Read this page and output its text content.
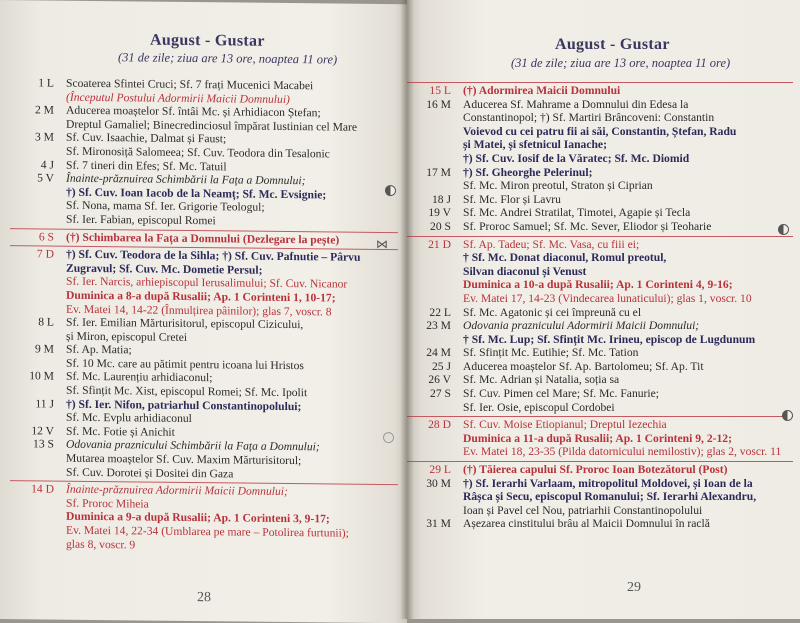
August - Gustar
(31 de zile; ziua are 13 ore, noaptea 11 ore)
1 L	Scoaterea Sfintei Cruci; Sf. 7 frați Mucenici Macabei
(Începutul Postului Adormirii Maicii Domnului)
2 M	Aducerea moaștelor Sf. întâi Mc. și Arhidiacon Ștefan;
Dreptul Gamaliel; Binecredinciosul împărat Iustinian cel Mare
3 M	Sf. Cuv. Isaachie, Dalmat și Faust;
Sf. Mironosiță Salomeea; Sf. Cuv. Teodora din Tesalonic
4 J	Sf. 7 tineri din Efes; Sf. Mc. Tatuil
5 V	Înainte-prăznuirea Schimbării la Fața a Domnului;
†) Sf. Cuv. Ioan Iacob de la Neamț; Sf. Mc. Evsignie;
Sf. Nona, mama Sf. Ier. Grigorie Teologul;
Sf. Ier. Fabian, episcopul Romei
6 S	(†) Schimbarea la Fața a Domnului (Dezlegare la pește)
7 D	†) Sf. Cuv. Teodora de la Sihla; †) Sf. Cuv. Pafnutie – Pârvu
Zugravul; Sf. Cuv. Mc. Dometie Persul;
Sf. Ier. Narcis, arhiepiscopul Ierusalimului; Sf. Cuv. Nicanor
Duminica a 8-a după Rusalii; Ap. 1 Corinteni 1, 10-17;
Ev. Matei 14, 14-22 (Înmulțirea pâinilor); glas 7, voscr. 8
8 L	Sf. Ier. Emilian Mărturisitorul, episcopul Cizicului,
și Miron, episcopul Cretei
9 M	Sf. Ap. Matia;
Sf. 10 Mc. care au pătimit pentru icoana lui Hristos
10 M	Sf. Mc. Laurențiu arhidiaconul;
Sf. Sfințit Mc. Xist, episcopul Romei; Sf. Mc. Ipolit
11 J	†) Sf. Ier. Nifon, patriarhul Constantinopolului;
Sf. Mc. Evplu arhidiaconul
12 V	Sf. Mc. Fotie și Anichit
13 S	Odovania praznicului Schimbării la Fața a Domnului;
Mutarea moaștelor Sf. Cuv. Maxim Mărturisitorul;
Sf. Cuv. Dorotei și Dositei din Gaza
14 D	Înainte-prăznuirea Adormirii Maicii Domnului;
Sf. Proroc Miheia
Duminica a 9-a după Rusalii; Ap. 1 Corinteni 3, 9-17;
Ev. Matei 14, 22-34 (Umblarea pe mare – Potolirea furtunii);
glas 8, voscr. 9
⋈
28
August - Gustar
(31 de zile; ziua are 13 ore, noaptea 11 ore)
15 L	(†) Adormirea Maicii Domnului
16 M	Aducerea Sf. Mahrame a Domnului din Edesa la
Constantinopol; †) Sf. Martiri Brâncoveni: Constantin
Voievod cu cei patru fii ai săi, Constantin, Ștefan, Radu
și Matei, și sfetnicul Ianache;
†) Sf. Cuv. Iosif de la Văratec; Sf. Mc. Diomid
17 M	†) Sf. Gheorghe Pelerinul;
Sf. Mc. Miron preotul, Straton și Ciprian
18 J	Sf. Mc. Flor și Lavru
19 V	Sf. Mc. Andrei Stratilat, Timotei, Agapie și Tecla
20 S	Sf. Proroc Samuel; Sf. Mc. Sever, Eliodor și Teoharie
21 D	Sf. Ap. Tadeu; Sf. Mc. Vasa, cu fiii ei;
† Sf. Mc. Donat diaconul, Romul preotul,
Silvan diaconul și Venust
Duminica a 10-a după Rusalii; Ap. 1 Corinteni 4, 9-16;
Ev. Matei 17, 14-23 (Vindecarea lunaticului); glas 1, voscr. 10
22 L	Sf. Mc. Agatonic și cei împreună cu el
23 M	Odovania praznicului Adormirii Maicii Domnului;
† Sf. Mc. Lup; Sf. Sfințit Mc. Irineu, episcop de Lugdunum
24 M	Sf. Sfințit Mc. Eutihie; Sf. Mc. Tation
25 J	Aducerea moaștelor Sf. Ap. Bartolomeu; Sf. Ap. Tit
26 V	Sf. Mc. Adrian și Natalia, soția sa
27 S	Sf. Cuv. Pimen cel Mare; Sf. Mc. Fanurie;
Sf. Ier. Osie, episcopul Cordobei
28 D	Sf. Cuv. Moise Etiopianul; Dreptul Iezechia
Duminica a 11-a după Rusalii; Ap. 1 Corinteni 9, 2-12;
Ev. Matei 18, 23-35 (Pilda datornicului nemilostiv); glas 2, voscr. 11
29 L	(†) Tăierea capului Sf. Proroc Ioan Botezătorul (Post)
30 M	†) Sf. Ierarhi Varlaam, mitropolitul Moldovei, și Ioan de la
Râșca și Secu, episcopul Romanului; Sf. Ierarhi Alexandru,
Ioan și Pavel cel Nou, patriarhii Constantinopolului
31 M	Așezarea cinstitului brâu al Maicii Domnului în raclă
29
